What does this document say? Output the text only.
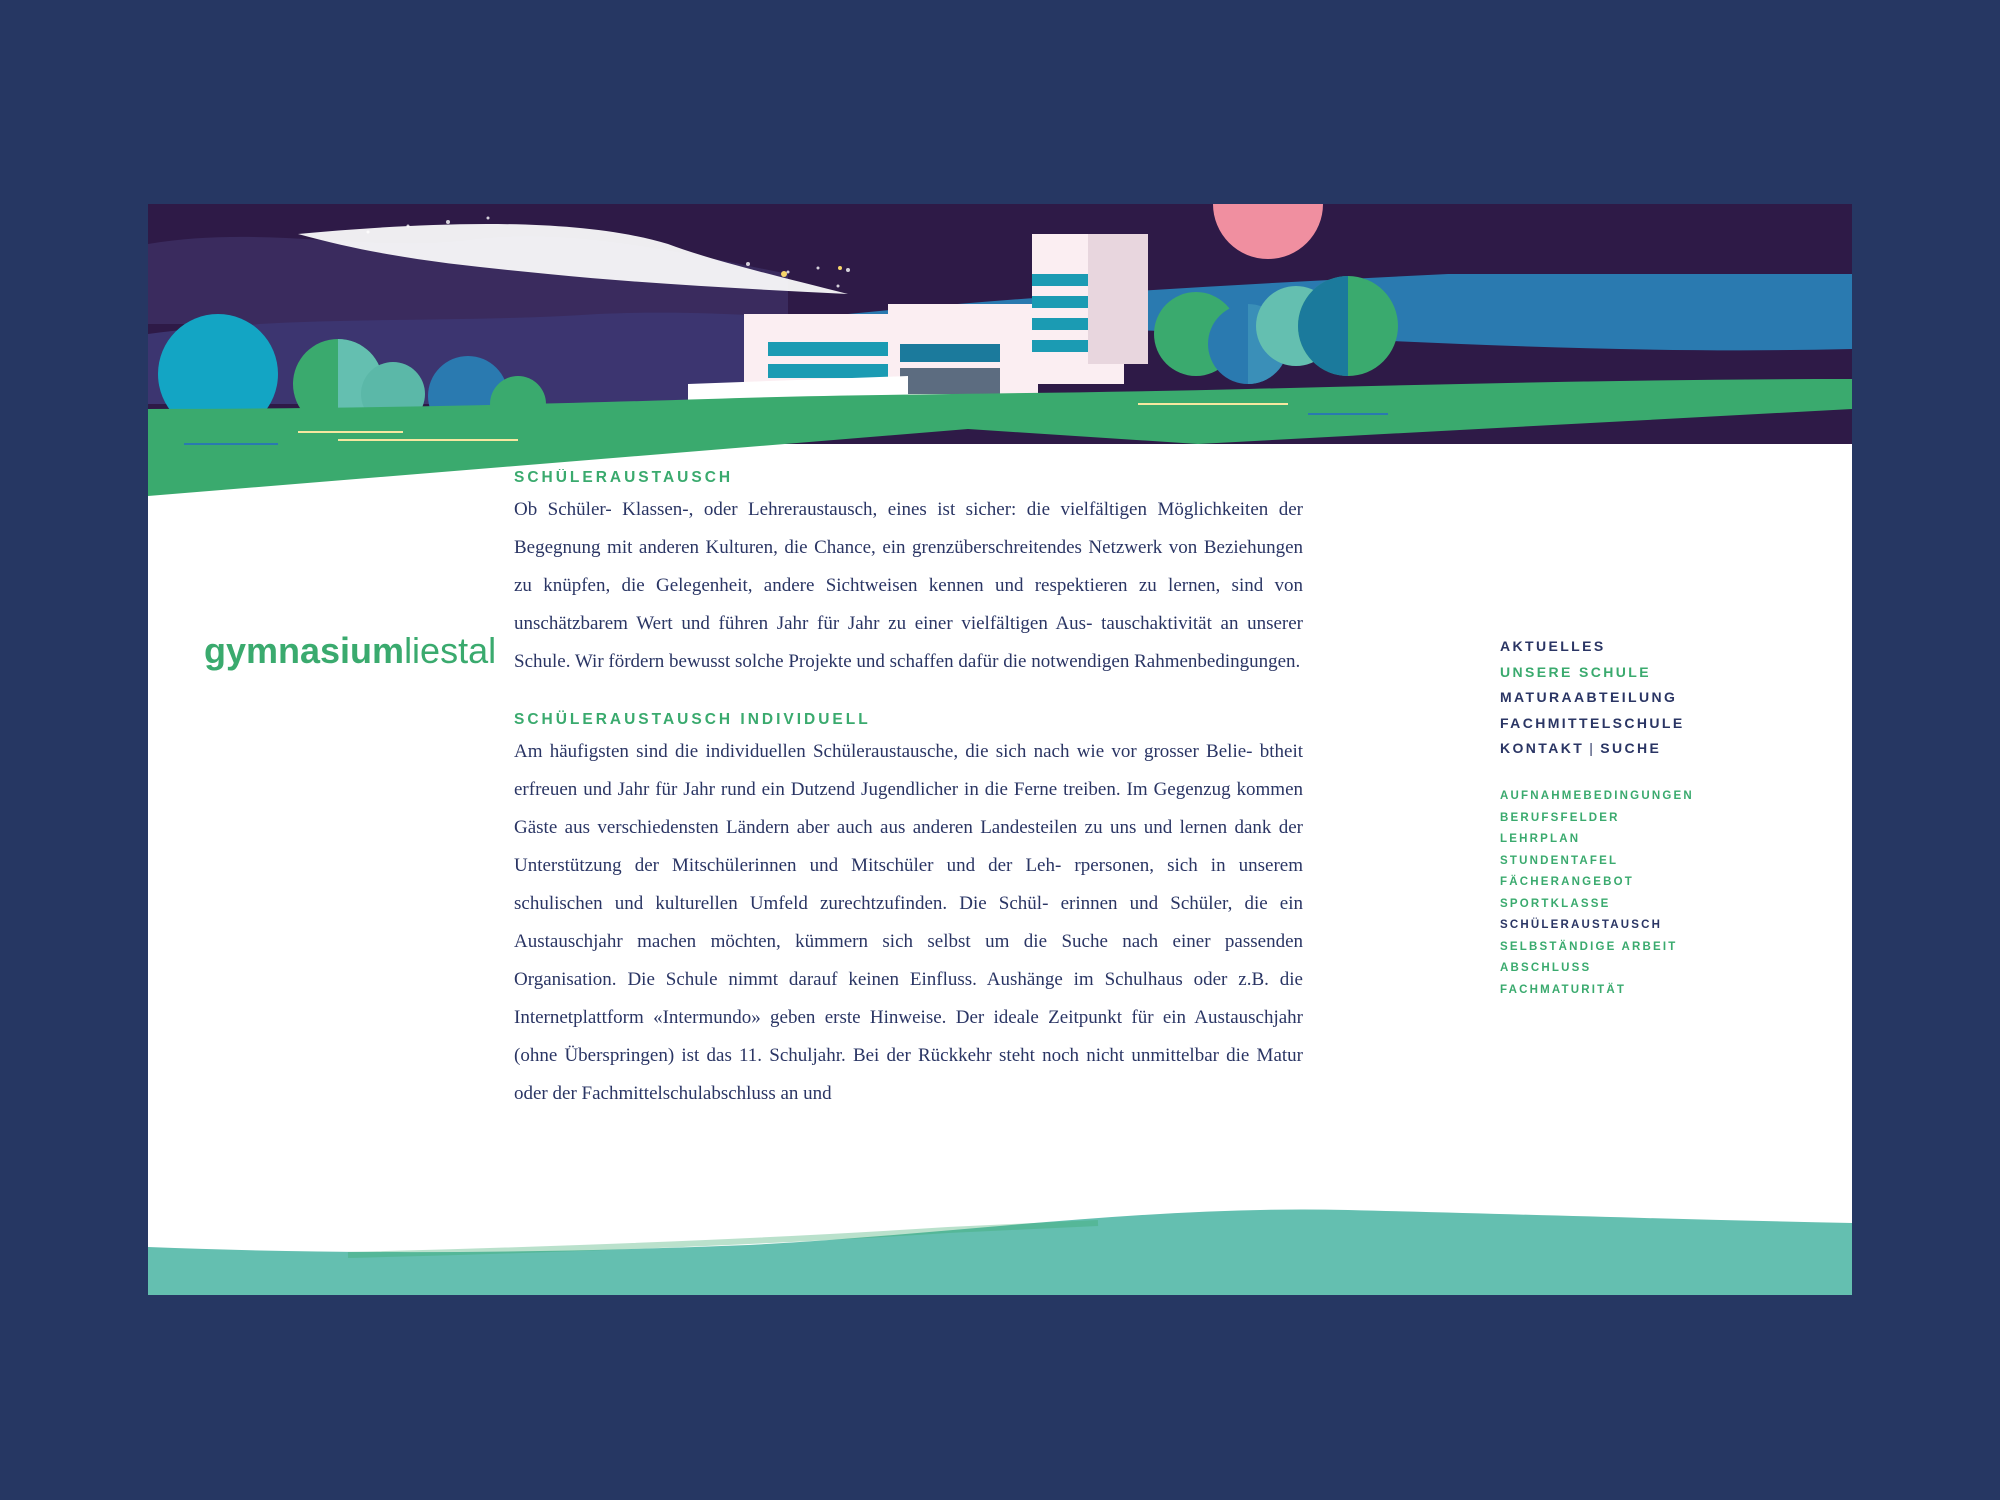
gymnasiumliestal
SCHÜLERAUSTAUSCH

Ob Schüler- Klassen-, oder Lehreraustausch, eines ist sicher: die vielfältigen Möglichkeiten der Begegnung mit anderen Kulturen, die Chance, ein grenzüberschreitendes Netzwerk von Beziehungen zu knüpfen, die Gelegenheit, andere Sichtweisen kennen und respektieren zu lernen, sind von unschätzbarem Wert und führen Jahr für Jahr zu einer vielfältigen Aus- tauschaktivität an unserer Schule. Wir fördern bewusst solche Projekte und schaffen dafür die notwendigen Rahmenbedingungen.

SCHÜLERAUSTAUSCH INDIVIDUELL

Am häufigsten sind die individuellen Schüleraustausche, die sich nach wie vor grosser Belie- btheit erfreuen und Jahr für Jahr rund ein Dutzend Jugendlicher in die Ferne treiben. Im Gegenzug kommen Gäste aus verschiedensten Ländern aber auch aus anderen Landesteilen zu uns und lernen dank der Unterstützung der Mitschülerinnen und Mitschüler und der Leh- rpersonen, sich in unserem schulischen und kulturellen Umfeld zurechtzufinden. Die Schül- erinnen und Schüler, die ein Austauschjahr machen möchten, kümmern sich selbst um die Suche nach einer passenden Organisation. Die Schule nimmt darauf keinen Einfluss. Aushänge im Schulhaus oder z.B. die Internetplattform «Intermundo» geben erste Hinweise. Der ideale Zeitpunkt für ein Austauschjahr (ohne Überspringen) ist das 11. Schuljahr. Bei der Rückkehr steht noch nicht unmittelbar die Matur oder der Fachmittelschulabschluss an und

AKTUELLES
UNSERE SCHULE
MATURAABTEILUNG
FACHMITTELSCHULE
KONTAKT | SUCHE
AUFNAHMEBEDINGUNGEN
BERUFSFELDER
LEHRPLAN
STUNDENTAFEL
FÄCHERANGEBOT
SPORTKLASSE
SCHÜLERAUSTAUSCH
SELBSTÄNDIGE ARBEIT
ABSCHLUSS
FACHMATURITÄT
